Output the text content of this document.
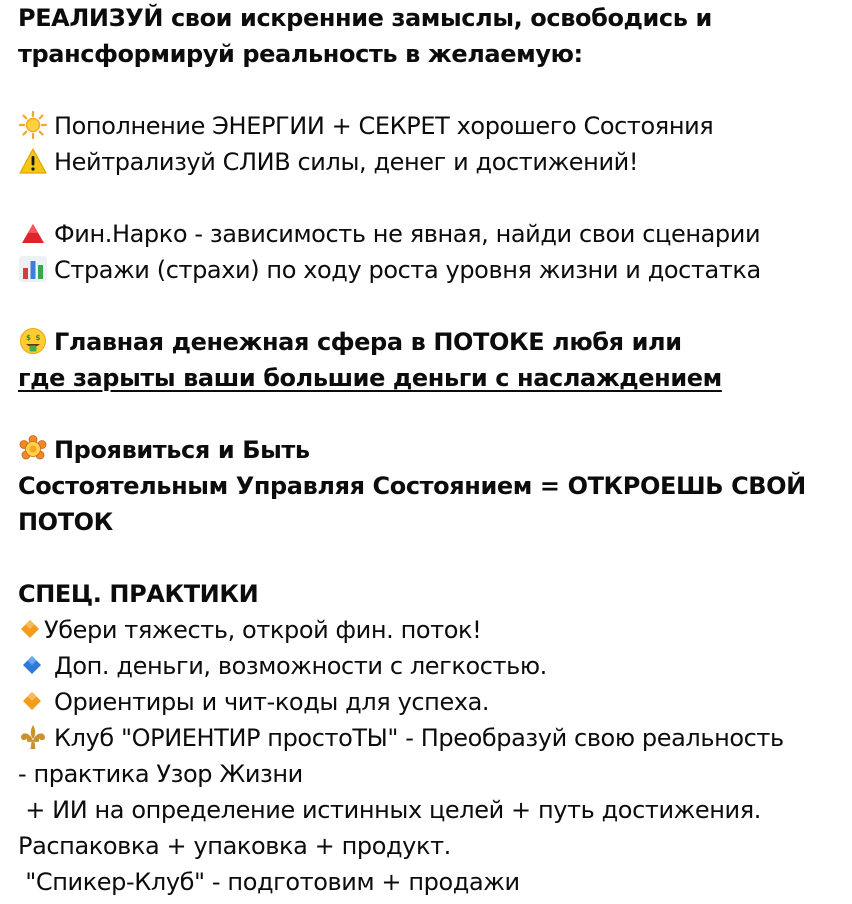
РЕАЛИЗУЙ свои искренние замыслы, освободись и
трансформируй реальность в желаемую:
Пополнение ЭНЕРГИИ + СЕКРЕТ хорошего Состояния
Нейтрализуй СЛИВ силы, денег и достижений!
Фин.Нарко - зависимость не явная, найди свои сценарии
Стражи (страхи) по ходу роста уровня жизни и достатка
$ $ Главная денежная сфера в ПОТОКЕ любя или
где зарыты ваши большие деньги с наслаждением
Проявиться и Быть
Состоятельным Управляя Состоянием = ОТКРОЕШЬ СВОЙ
ПОТОК
СПЕЦ. ПРАКТИКИ
Убери тяжесть, открой фин. поток!
Доп. деньги, возможности с легкостью.
Ориентиры и чит-коды для успеха.
Клуб "ОРИЕНТИР простоТЫ" - Преобразуй свою реальность
- практика Узор Жизни
+ ИИ на определение истинных целей + путь достижения.
Распаковка + упаковка + продукт.
"Спикер-Клуб" - подготовим + продажи
